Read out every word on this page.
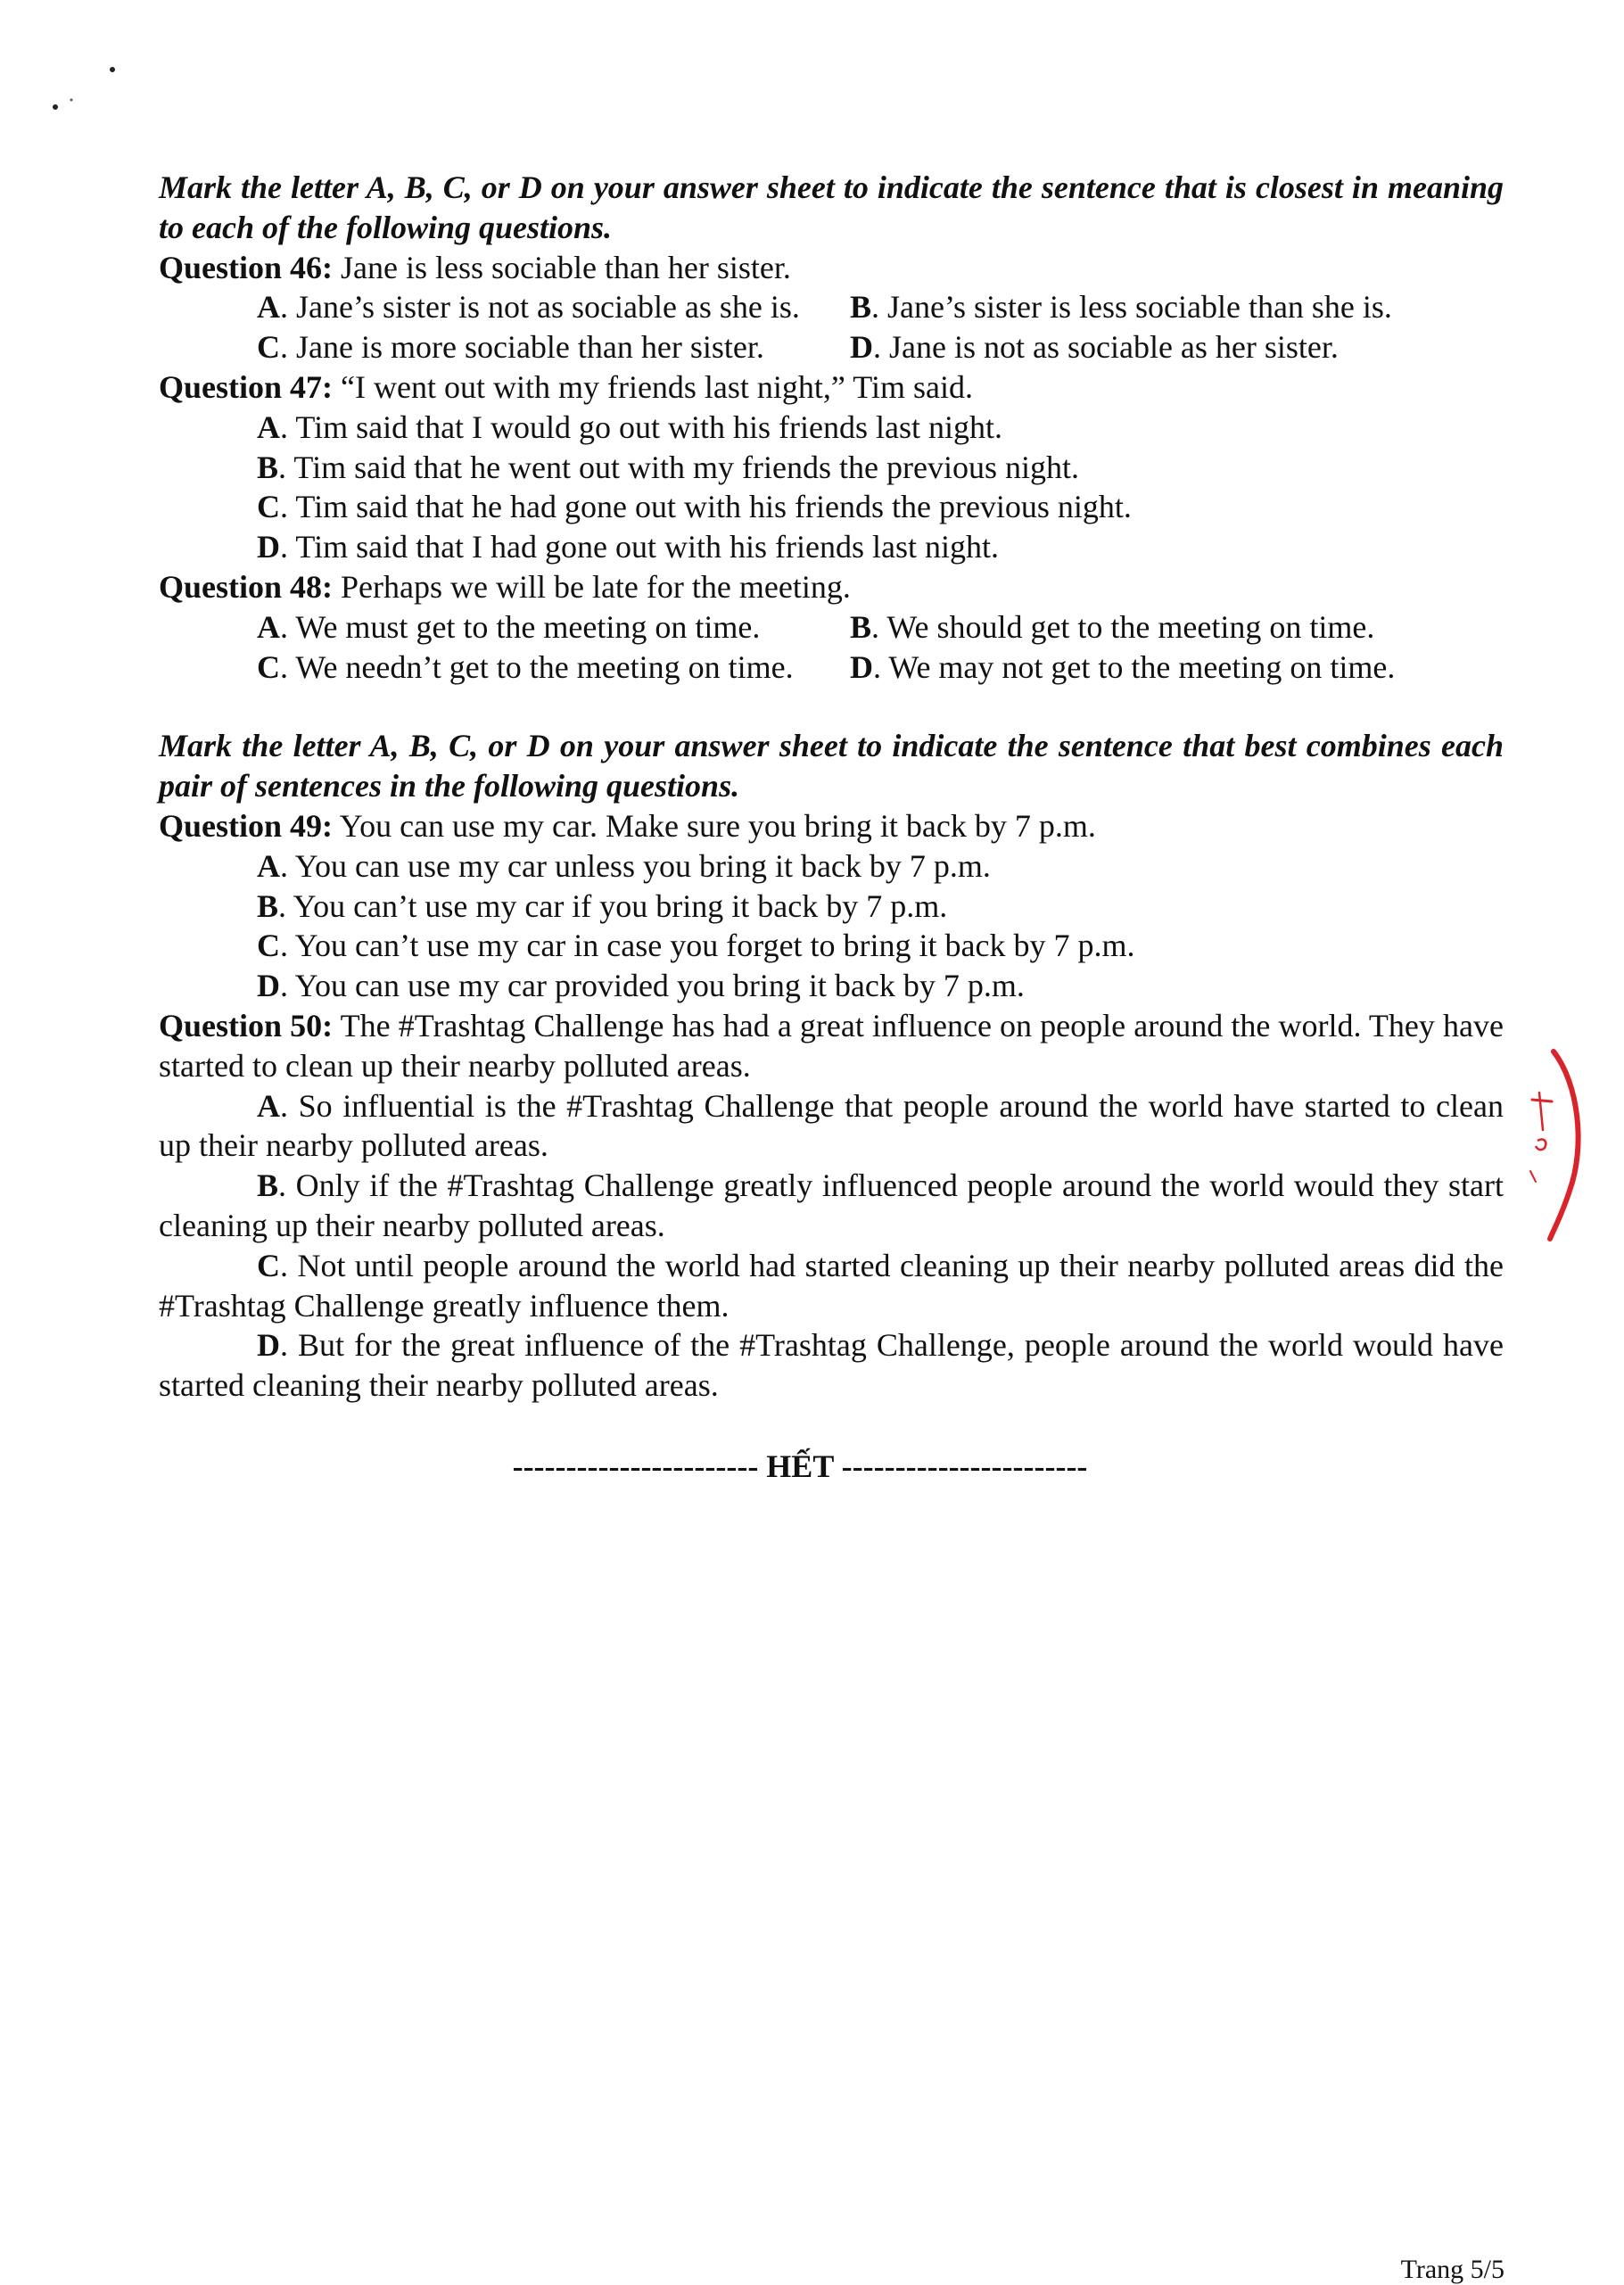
Mark the letter A, B, C, or D on your answer sheet to indicate the sentence that is closest in meaning to each of the following questions.
Question 46: Jane is less sociable than her sister.
A. Jane’s sister is not as sociable as she is.	B. Jane’s sister is less sociable than she is.
C. Jane is more sociable than her sister.	D. Jane is not as sociable as her sister.
Question 47: “I went out with my friends last night,” Tim said.
A. Tim said that I would go out with his friends last night.
B. Tim said that he went out with my friends the previous night.
C. Tim said that he had gone out with his friends the previous night.
D. Tim said that I had gone out with his friends last night.
Question 48: Perhaps we will be late for the meeting.
A. We must get to the meeting on time.	B. We should get to the meeting on time.
C. We needn’t get to the meeting on time.	D. We may not get to the meeting on time.
Mark the letter A, B, C, or D on your answer sheet to indicate the sentence that best combines each pair of sentences in the following questions.
Question 49: You can use my car. Make sure you bring it back by 7 p.m.
A. You can use my car unless you bring it back by 7 p.m.
B. You can’t use my car if you bring it back by 7 p.m.
C. You can’t use my car in case you forget to bring it back by 7 p.m.
D. You can use my car provided you bring it back by 7 p.m.
Question 50: The #Trashtag Challenge has had a great influence on people around the world. They have started to clean up their nearby polluted areas.
A. So influential is the #Trashtag Challenge that people around the world have started to clean up their nearby polluted areas.
B. Only if the #Trashtag Challenge greatly influenced people around the world would they start cleaning up their nearby polluted areas.
C. Not until people around the world had started cleaning up their nearby polluted areas did the #Trashtag Challenge greatly influence them.
D. But for the great influence of the #Trashtag Challenge, people around the world would have started cleaning their nearby polluted areas.
----------------------- HẾT -----------------------
Trang 5/5
